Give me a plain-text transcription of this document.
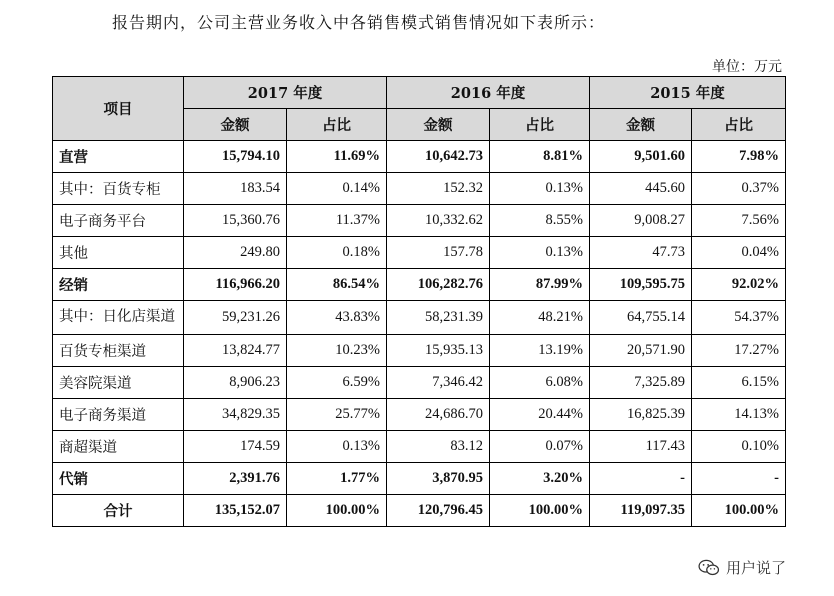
报告期内，公司主营业务收入中各销售模式销售情况如下表所示：
单位：万元
项目	2017 年度		2016 年度		2015 年度	
	金额	占比	金额	占比	金额	占比
直营	15,794.10	11.69%	10,642.73	8.81%	9,501.60	7.98%
其中：百货专柜	183.54	0.14%	152.32	0.13%	445.60	0.37%
电子商务平台	15,360.76	11.37%	10,332.62	8.55%	9,008.27	7.56%
其他	249.80	0.18%	157.78	0.13%	47.73	0.04%
经销	116,966.20	86.54%	106,282.76	87.99%	109,595.75	92.02%
其中：日化店渠道	59,231.26	43.83%	58,231.39	48.21%	64,755.14	54.37%
百货专柜渠道	13,824.77	10.23%	15,935.13	13.19%	20,571.90	17.27%
美容院渠道	8,906.23	6.59%	7,346.42	6.08%	7,325.89	6.15%
电子商务渠道	34,829.35	25.77%	24,686.70	20.44%	16,825.39	14.13%
商超渠道	174.59	0.13%	83.12	0.07%	117.43	0.10%
代销	2,391.76	1.77%	3,870.95	3.20%	-	-
合计	135,152.07	100.00%	120,796.45	100.00%	119,097.35	100.00%
用户说了
